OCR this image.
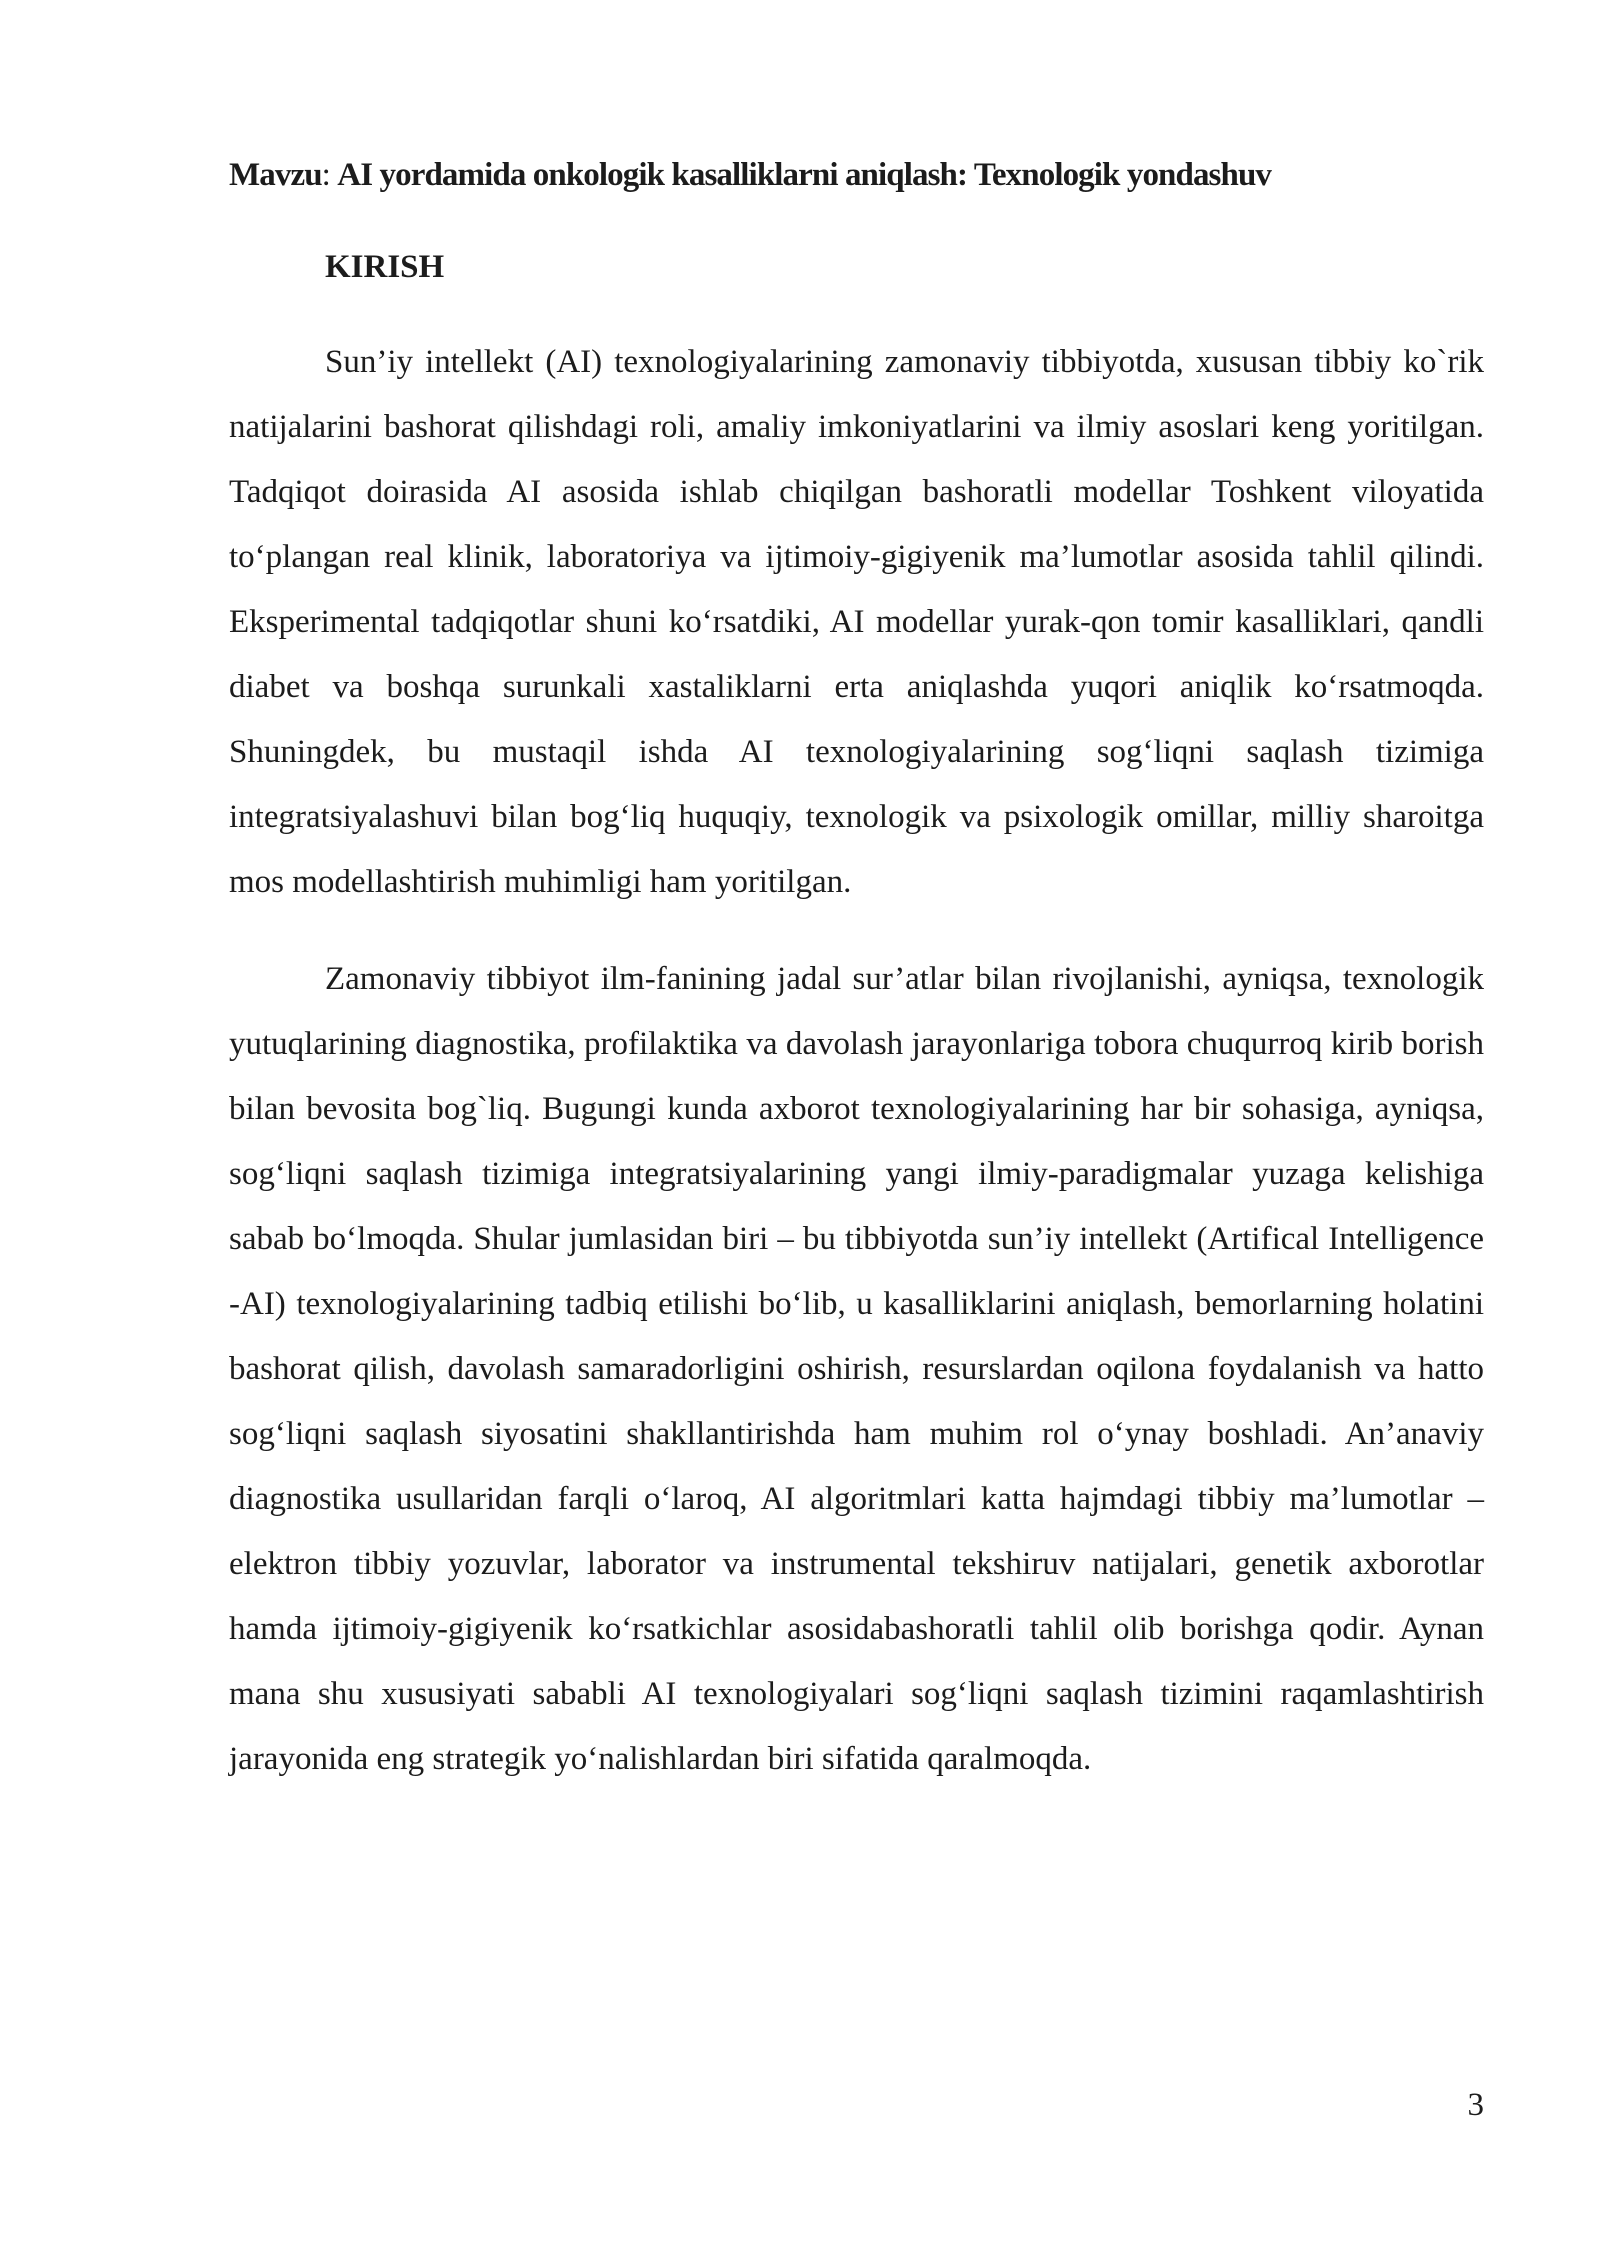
Mavzu: AI yordamida onkologik kasalliklarni aniqlash: Texnologik yondashuv

KIRISH

Sun’iy intellekt (AI) texnologiyalarining zamonaviy tibbiyotda, xususan tibbiy ko`rik natijalarini bashorat qilishdagi roli, amaliy imkoniyatlarini va ilmiy asoslari keng yoritilgan. Tadqiqot doirasida AI asosida ishlab chiqilgan bashoratli modellar Toshkent viloyatida to‘plangan real klinik, laboratoriya va ijtimoiy-gigiyenik ma’lumotlar asosida tahlil qilindi. Eksperimental tadqiqotlar shuni ko‘rsatdiki, AI modellar yurak-qon tomir kasalliklari, qandli diabet va boshqa surunkali xastaliklarni erta aniqlashda yuqori aniqlik ko‘rsatmoqda. Shuningdek, bu mustaqil ishda AI texnologiyalarining sog‘liqni saqlash tizimiga integratsiyalashuvi bilan bog‘liq huquqiy, texnologik va psixologik omillar, milliy sharoitga mos modellashtirish muhimligi ham yoritilgan.

Zamonaviy tibbiyot ilm-fanining jadal sur’atlar bilan rivojlanishi, ayniqsa, texnologik yutuqlarining diagnostika, profilaktika va davolash jarayonlariga tobora chuqurroq kirib borish bilan bevosita bog`liq. Bugungi kunda axborot texnologiyalarining har bir sohasiga, ayniqsa, sog‘liqni saqlash tizimiga integratsiyalarining yangi ilmiy-paradigmalar yuzaga kelishiga sabab bo‘lmoqda. Shular jumlasidan biri – bu tibbiyotda sun’iy intellekt (Artifical Intelligence -AI) texnologiyalarining tadbiq etilishi bo‘lib, u kasalliklarini aniqlash, bemorlarning holatini bashorat qilish, davolash samaradorligini oshirish, resurslardan oqilona foydalanish va hatto sog‘liqni saqlash siyosatini shakllantirishda ham muhim rol o‘ynay boshladi. An’anaviy diagnostika usullaridan farqli o‘laroq, AI algoritmlari katta hajmdagi tibbiy ma’lumotlar – elektron tibbiy yozuvlar, laborator va instrumental tekshiruv natijalari, genetik axborotlar hamda ijtimoiy-gigiyenik ko‘rsatkichlar asosidabashoratli tahlil olib borishga qodir. Aynan mana shu xususiyati sababli AI texnologiyalari sog‘liqni saqlash tizimini raqamlashtirish jarayonida eng strategik yo‘nalishlardan biri sifatida qaralmoqda.

3
